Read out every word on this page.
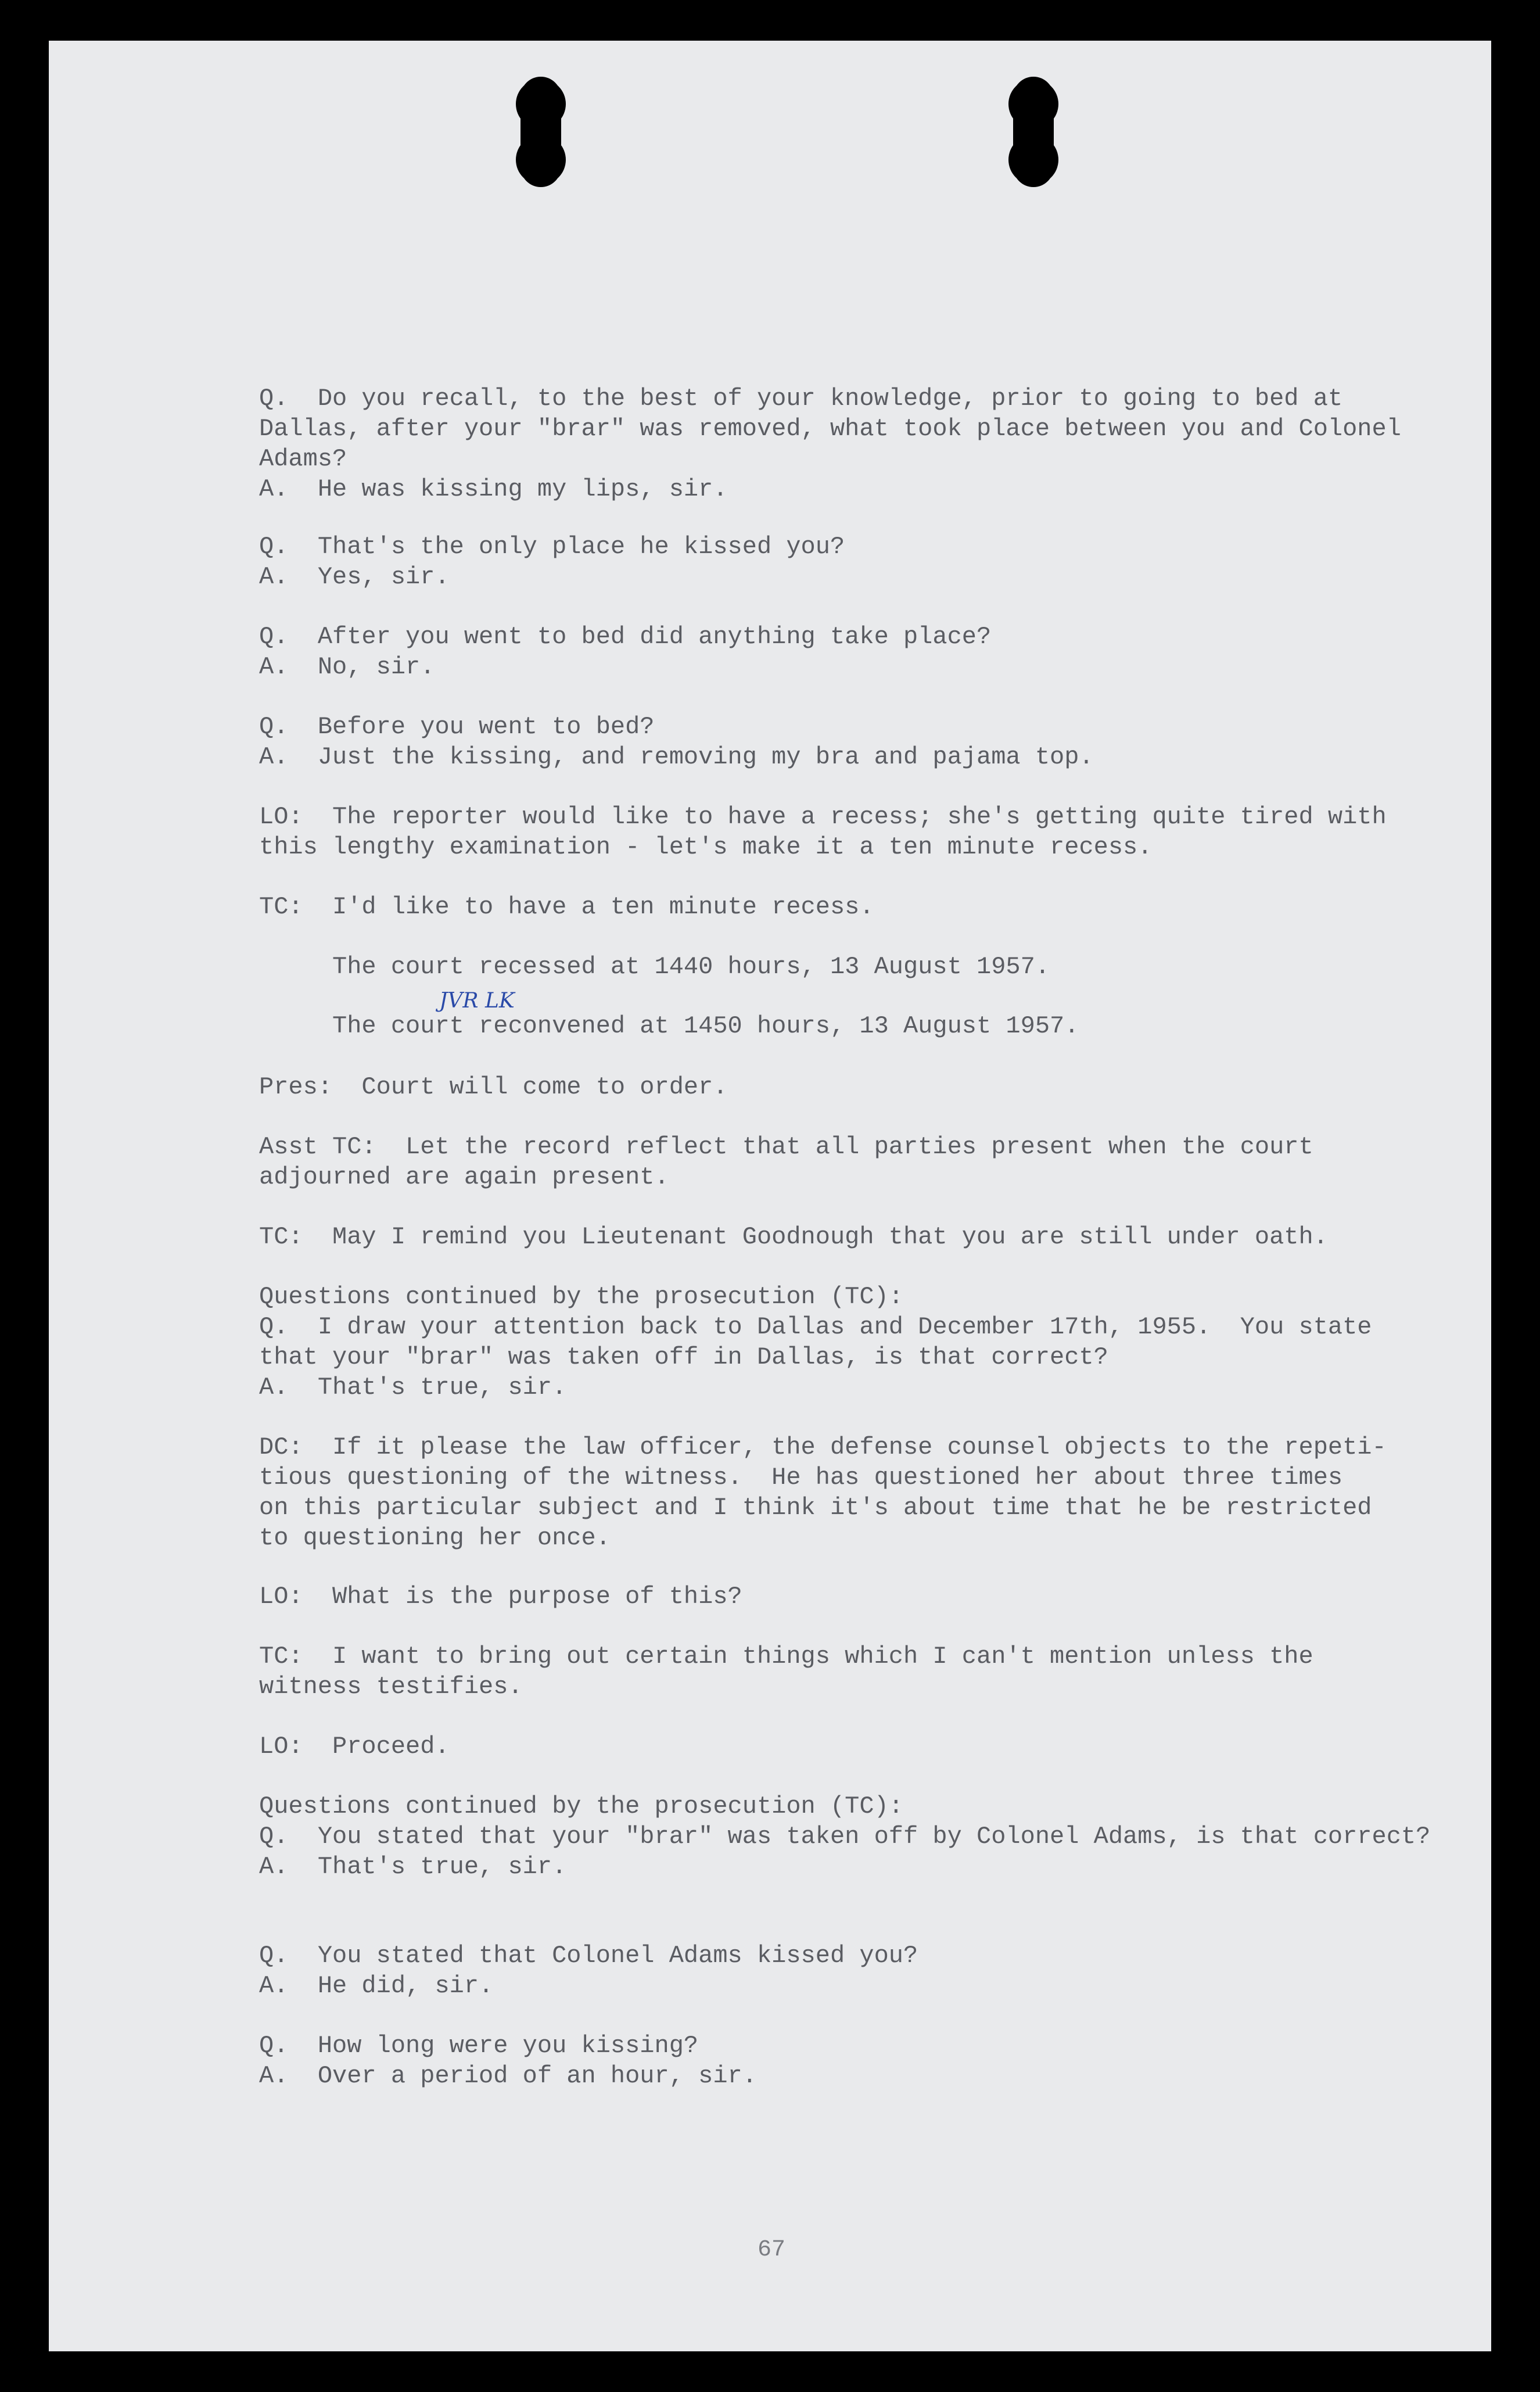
Q.  Do you recall, to the best of your knowledge, prior to going to bed at
Dallas, after your "brar" was removed, what took place between you and Colonel
Adams?
A.  He was kissing my lips, sir.
Q.  That's the only place he kissed you?
A.  Yes, sir.
Q.  After you went to bed did anything take place?
A.  No, sir.
Q.  Before you went to bed?
A.  Just the kissing, and removing my bra and pajama top.
LO:  The reporter would like to have a recess; she's getting quite tired with
this lengthy examination - let's make it a ten minute recess.
TC:  I'd like to have a ten minute recess.
The court recessed at 1440 hours, 13 August 1957.
The court reconvened at 1450 hours, 13 August 1957.
Pres:  Court will come to order.
Asst TC:  Let the record reflect that all parties present when the court
adjourned are again present.
TC:  May I remind you Lieutenant Goodnough that you are still under oath.
Questions continued by the prosecution (TC):
Q.  I draw your attention back to Dallas and December 17th, 1955.  You state
that your "brar" was taken off in Dallas, is that correct?
A.  That's true, sir.
DC:  If it please the law officer, the defense counsel objects to the repeti-
tious questioning of the witness.  He has questioned her about three times
on this particular subject and I think it's about time that he be restricted
to questioning her once.
LO:  What is the purpose of this?
TC:  I want to bring out certain things which I can't mention unless the
witness testifies.
LO:  Proceed.
Questions continued by the prosecution (TC):
Q.  You stated that your "brar" was taken off by Colonel Adams, is that correct?
A.  That's true, sir.
Q.  You stated that Colonel Adams kissed you?
A.  He did, sir.
Q.  How long were you kissing?
A.  Over a period of an hour, sir.
JVR LK
67
